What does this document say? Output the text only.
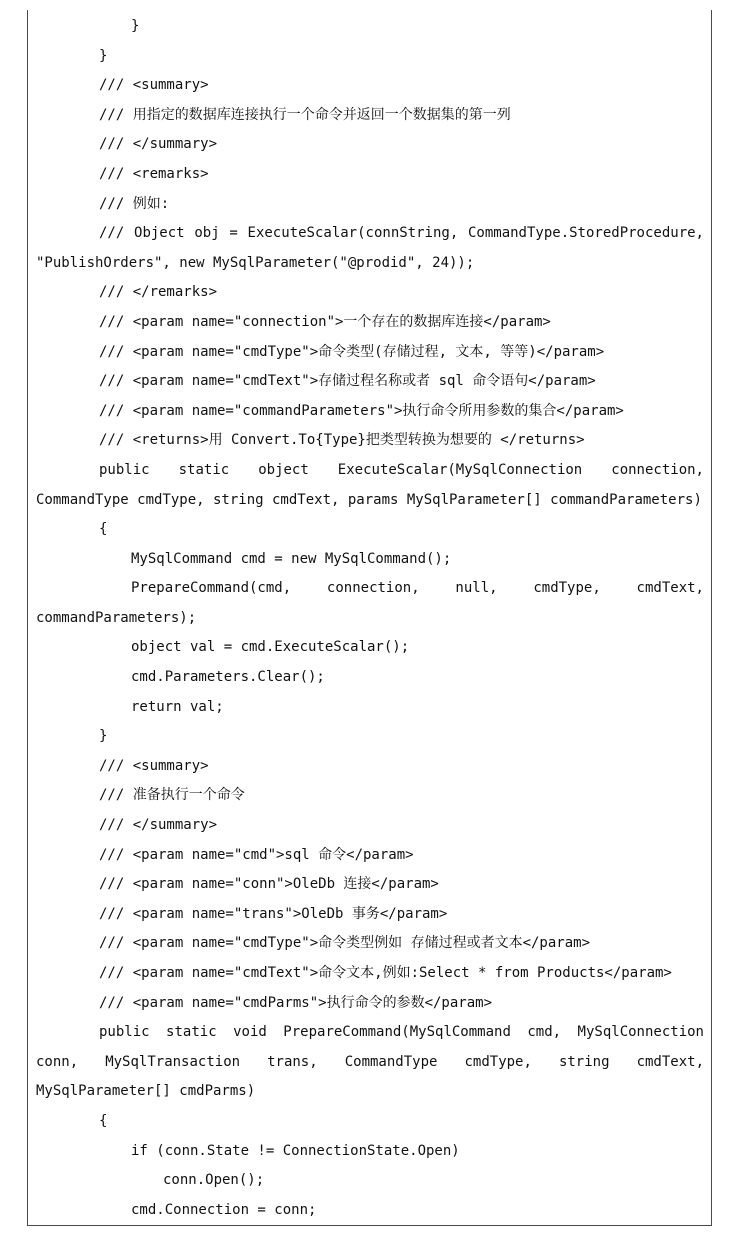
}
}
/// <summary>
/// 用指定的数据库连接执行一个命令并返回一个数据集的第一列
/// </summary>
/// <remarks>
/// 例如:
/// Object obj = ExecuteScalar(connString, CommandType.StoredProcedure,
"PublishOrders", new MySqlParameter("@prodid", 24));
/// </remarks>
/// <param name="connection">一个存在的数据库连接</param>
/// <param name="cmdType">命令类型(存储过程, 文本, 等等)</param>
/// <param name="cmdText">存储过程名称或者 sql 命令语句</param>
/// <param name="commandParameters">执行命令所用参数的集合</param>
/// <returns>用 Convert.To{Type}把类型转换为想要的 </returns>
public static object ExecuteScalar(MySqlConnection connection,
CommandType cmdType, string cmdText, params MySqlParameter[] commandParameters)
{
MySqlCommand cmd = new MySqlCommand();
PrepareCommand(cmd, connection, null, cmdType, cmdText,
commandParameters);
object val = cmd.ExecuteScalar();
cmd.Parameters.Clear();
return val;
}
/// <summary>
/// 准备执行一个命令
/// </summary>
/// <param name="cmd">sql 命令</param>
/// <param name="conn">OleDb 连接</param>
/// <param name="trans">OleDb 事务</param>
/// <param name="cmdType">命令类型例如 存储过程或者文本</param>
/// <param name="cmdText">命令文本,例如:Select * from Products</param>
/// <param name="cmdParms">执行命令的参数</param>
public static void PrepareCommand(MySqlCommand cmd, MySqlConnection
conn, MySqlTransaction trans, CommandType cmdType, string cmdText,
MySqlParameter[] cmdParms)
{
if (conn.State != ConnectionState.Open)
conn.Open();
cmd.Connection = conn;
